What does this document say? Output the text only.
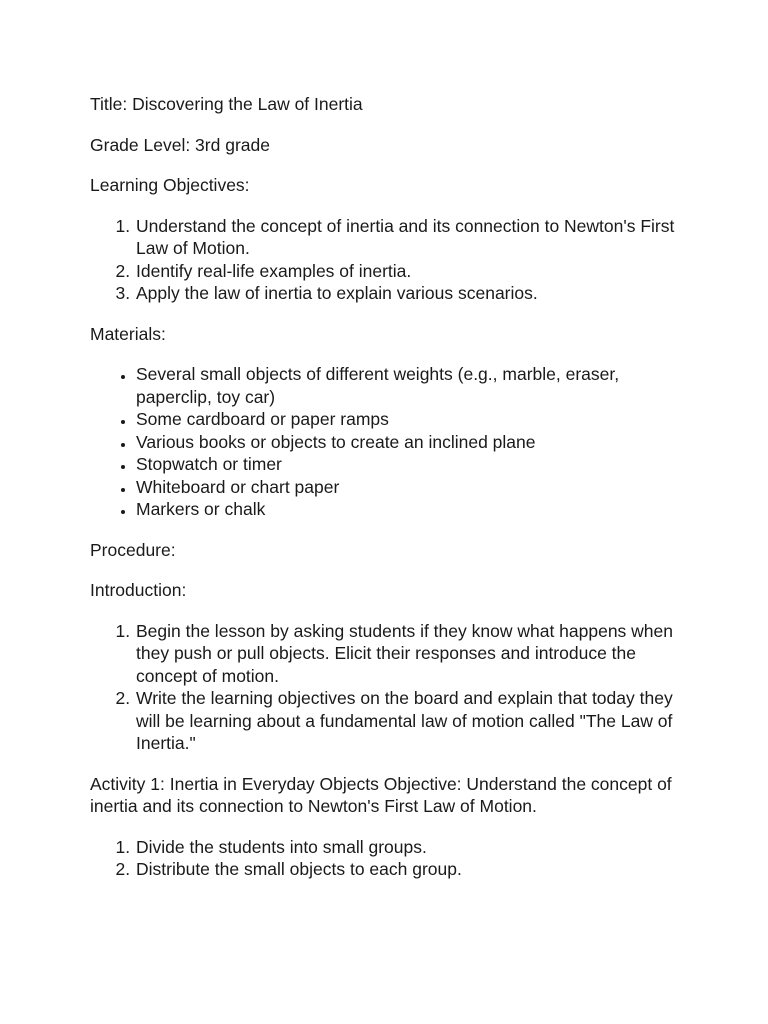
Title: Discovering the Law of Inertia

Grade Level: 3rd grade

Learning Objectives:

1. Understand the concept of inertia and its connection to Newton's First Law of Motion.
2. Identify real-life examples of inertia.
3. Apply the law of inertia to explain various scenarios.

Materials:

• Several small objects of different weights (e.g., marble, eraser, paperclip, toy car)
• Some cardboard or paper ramps
• Various books or objects to create an inclined plane
• Stopwatch or timer
• Whiteboard or chart paper
• Markers or chalk

Procedure:

Introduction:

1. Begin the lesson by asking students if they know what happens when they push or pull objects. Elicit their responses and introduce the concept of motion.
2. Write the learning objectives on the board and explain that today they will be learning about a fundamental law of motion called "The Law of Inertia."

Activity 1: Inertia in Everyday Objects Objective: Understand the concept of inertia and its connection to Newton's First Law of Motion.

1. Divide the students into small groups.
2. Distribute the small objects to each group.
